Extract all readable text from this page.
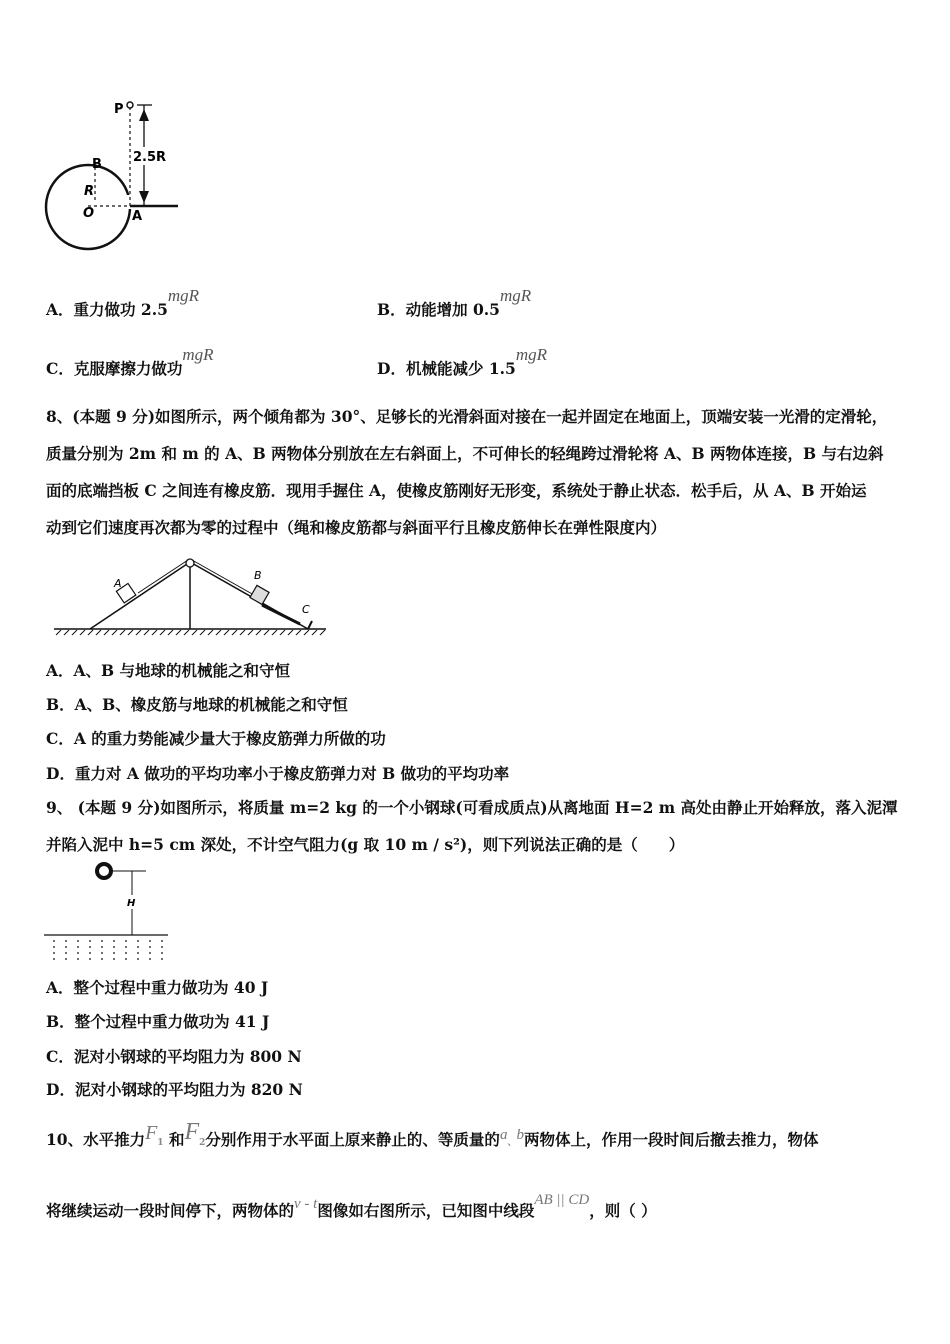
P
2.5R
B
R
O	A
A．重力做功 2.5mgR
B．动能增加 0.5mgR
C．克服摩擦力做功mgR
D．机械能减少 1.5mgR
8、(本题 9 分)如图所示，两个倾角都为 30°、足够长的光滑斜面对接在一起并固定在地面上，顶端安装一光滑的定滑轮，
质量分别为 2m 和 m 的 A、B 两物体分别放在左右斜面上，不可伸长的轻绳跨过滑轮将 A、B 两物体连接，B 与右边斜
面的底端挡板 C 之间连有橡皮筋．现用手握住 A，使橡皮筋刚好无形变，系统处于静止状态．松手后，从 A、B 开始运
动到它们速度再次都为零的过程中（绳和橡皮筋都与斜面平行且橡皮筋伸长在弹性限度内）
A
B
C
A．A、B 与地球的机械能之和守恒
B．A、B、橡皮筋与地球的机械能之和守恒
C．A 的重力势能减少量大于橡皮筋弹力所做的功
D．重力对 A 做功的平均功率小于橡皮筋弹力对 B 做功的平均功率
9、 (本题 9 分)如图所示，将质量 m=2 kg 的一个小钢球(可看成质点)从离地面 H=2 m 高处由静止开始释放，落入泥潭
并陷入泥中 h=5 cm 深处，不计空气阻力(g 取 10 m / s²)，则下列说法正确的是（　　）
H
A．整个过程中重力做功为 40 J
B．整个过程中重力做功为 41 J
C．泥对小钢球的平均阻力为 800 N
D．泥对小钢球的平均阻力为 820 N
10、水平推力F1 和F2分别作用于水平面上原来静止的、等质量的a、b两物体上，作用一段时间后撤去推力，物体
将继续运动一段时间停下，两物体的v - t图像如右图所示，已知图中线段AB || CD，则（ ）
